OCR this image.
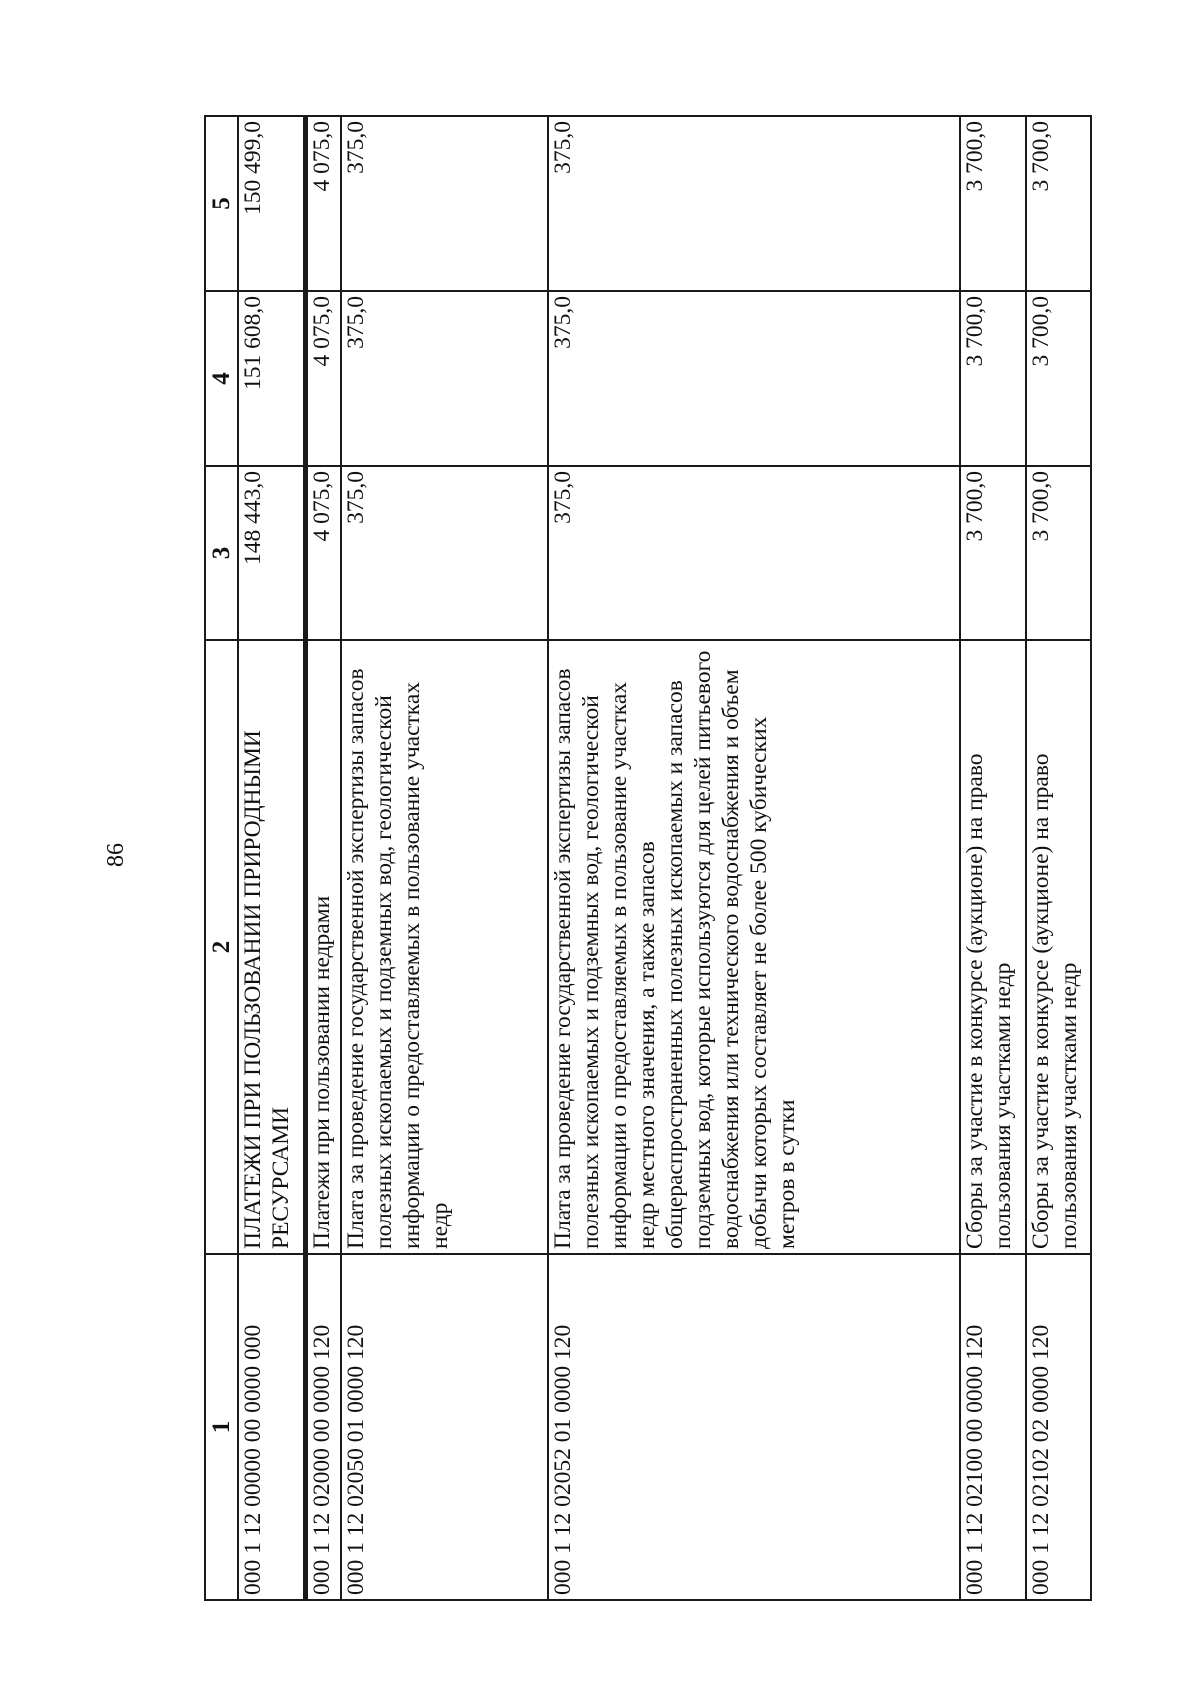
86
1	2	3	4	5
000 1 12 00000 00 0000 000	ПЛАТЕЖИ ПРИ ПОЛЬЗОВАНИИ ПРИРОДНЫМИ РЕСУРСАМИ	148 443,0	151 608,0	150 499,0
000 1 12 02000 00 0000 120	Платежи при пользовании недрами	4 075,0	4 075,0	4 075,0
000 1 12 02050 01 0000 120	Плата за проведение государственной экспертизы запасов полезных ископаемых и подземных вод, геологической информации о предоставляемых в пользование участках недр	375,0	375,0	375,0
000 1 12 02052 01 0000 120	Плата за проведение государственной экспертизы запасов полезных ископаемых и подземных вод, геологической информации о предоставляемых в пользование участках недр местного значения, а также запасов общераспространенных полезных ископаемых и запасов подземных вод, которые используются для целей питьевого водоснабжения или технического водоснабжения и объем добычи которых составляет не более 500 кубических метров в сутки	375,0	375,0	375,0
000 1 12 02100 00 0000 120	Сборы за участие в конкурсе (аукционе) на право пользования участками недр	3 700,0	3 700,0	3 700,0
000 1 12 02102 02 0000 120	Сборы за участие в конкурсе (аукционе) на право пользования участками недр	3 700,0	3 700,0	3 700,0
